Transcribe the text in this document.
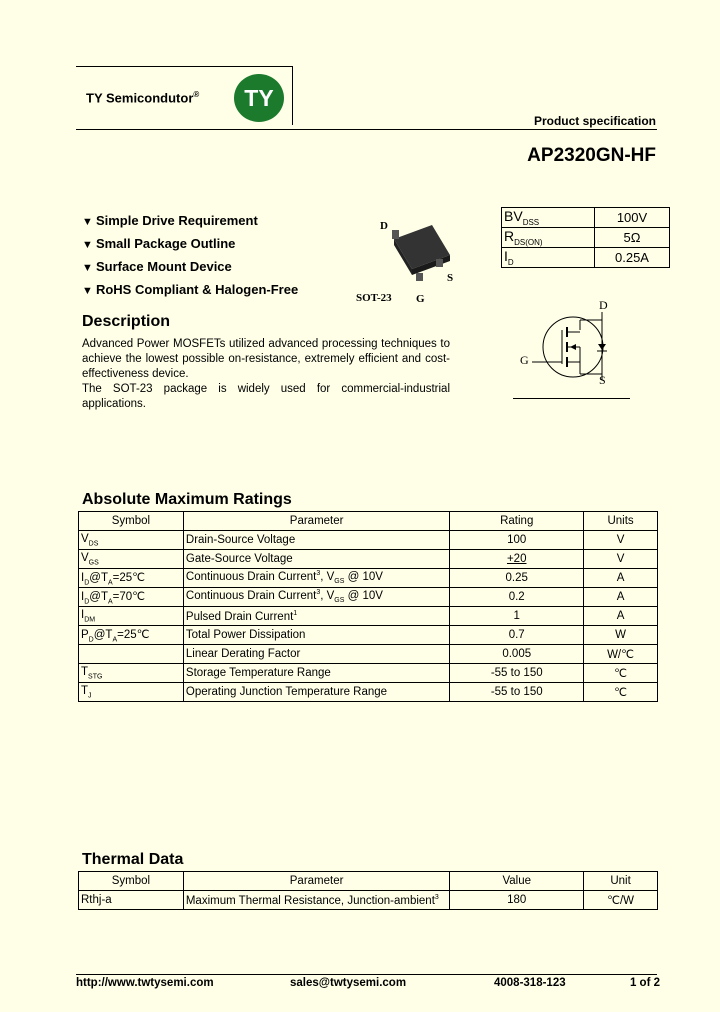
TY Semicondutor®	TY
Product specification
AP2320GN-HF
▼ Simple Drive Requirement
▼ Small Package Outline
▼ Surface Mount Device
▼ RoHS Compliant & Halogen-Free
D
S
G
SOT-23
$BV_{DSS}$	100V
$R_{DS(ON)}$	5Ω
$I_D$	0.25A
D
G
S
Description

Advanced Power MOSFETs utilized advanced processing techniques to achieve the lowest possible on-resistance, extremely efficient and cost-effectiveness device.

The SOT-23 package is widely used for commercial-industrial applications.

Absolute Maximum Ratings
Symbol	Parameter	Rating	Units
$V_{DS}$	Drain-Source Voltage	100	V
$V_{GS}$	Gate-Source Voltage	+20	V
$I_D@T_A=25℃$	Continuous Drain Current$^3$, $V_{GS}$ @ 10V	0.25	A
$I_D@T_A=70℃$	Continuous Drain Current$^3$, $V_{GS}$ @ 10V	0.2	A
$I_{DM}$	Pulsed Drain Current$^1$	1	A
$P_D@T_A=25℃$	Total Power Dissipation	0.7	W
	Linear Derating Factor	0.005	W/℃
$T_{STG}$	Storage Temperature Range	-55 to 150	℃
$T_J$	Operating Junction Temperature Range	-55 to 150	℃
Thermal Data
Symbol	Parameter	Value	Unit
Rthj-a	Maximum Thermal Resistance, Junction-ambient$^3$	180	℃/W
http://www.twtysemi.com	sales@twtysemi.com	4008-318-123	1 of 2
